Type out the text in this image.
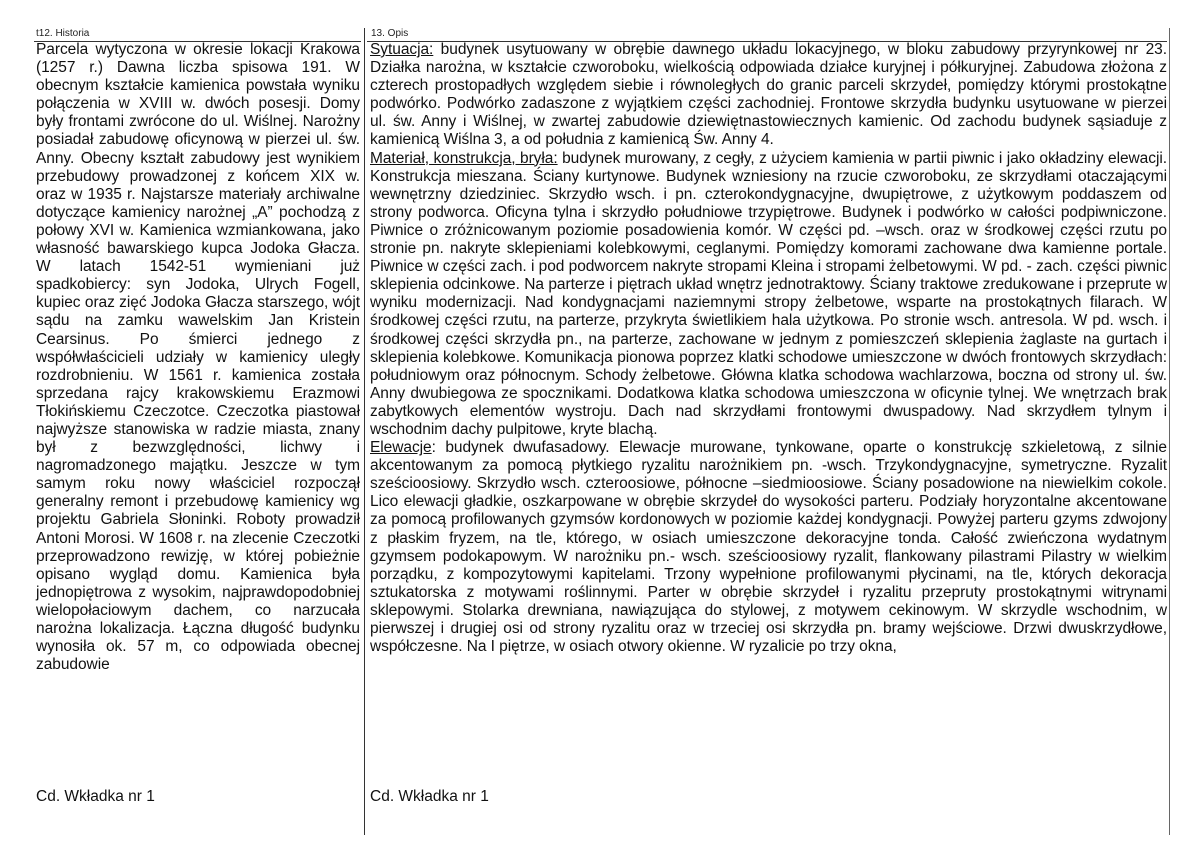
t12. Historia	13. Opis

Parcela wytyczona w okresie lokacji Krakowa (1257 r.) Dawna liczba spisowa 191. W obecnym kształcie kamienica powstała wyniku połączenia w XVIII w. dwóch posesji. Domy były frontami zwrócone do ul. Wiślnej. Narożny posiadał zabudowę oficynową w pierzei ul. św. Anny. Obecny kształt zabudowy jest wynikiem przebudowy prowadzonej z końcem XIX w. oraz w 1935 r. Najstarsze materiały archiwalne dotyczące kamienicy narożnej „A” pochodzą z połowy XVI w. Kamienica wzmiankowana, jako własność bawarskiego kupca Jodoka Głacza. W latach 1542-51 wymieniani już spadkobiercy: syn Jodoka, Ulrych Fogell, kupiec oraz zięć Jodoka Głacza starszego, wójt sądu na zamku wawelskim Jan Kristein Cearsinus. Po śmierci jednego z współwłaścicieli udziały w kamienicy uległy rozdrobnieniu. W 1561 r. kamienica została sprzedana rajcy krakowskiemu Erazmowi Tłokińskiemu Czeczotce. Czeczotka piastował najwyższe stanowiska w radzie miasta, znany był z bezwzględności, lichwy i nagromadzonego majątku. Jeszcze w tym samym roku nowy właściciel rozpoczął generalny remont i przebudowę kamienicy wg projektu Gabriela Słoninki. Roboty prowadził Antoni Morosi. W 1608 r. na zlecenie Czeczotki przeprowadzono rewizję, w której pobieżnie opisano wygląd domu. Kamienica była jednopiętrowa z wysokim, najprawdopodobniej wielopołaciowym dachem, co narzucała narożna lokalizacja. Łączna długość budynku wynosiła ok. 57 m, co odpowiada obecnej zabudowie

Sytuacja: budynek usytuowany w obrębie dawnego układu lokacyjnego, w bloku zabudowy przyrynkowej nr 23. Działka narożna, w kształcie czworoboku, wielkością odpowiada działce kuryjnej i półkuryjnej. Zabudowa złożona z czterech prostopadłych względem siebie i równoległych do granic parceli skrzydeł, pomiędzy którymi prostokątne podwórko. Podwórko zadaszone z wyjątkiem części zachodniej. Frontowe skrzydła budynku usytuowane w pierzei ul. św. Anny i Wiślnej, w zwartej zabudowie dziewiętnastowiecznych kamienic. Od zachodu budynek sąsiaduje z kamienicą Wiślna 3, a od południa z kamienicą Św. Anny 4.

Materiał, konstrukcja, bryła: budynek murowany, z cegły, z użyciem kamienia w partii piwnic i jako okładziny elewacji. Konstrukcja mieszana. Ściany kurtynowe. Budynek wzniesiony na rzucie czworoboku, ze skrzydłami otaczającymi wewnętrzny dziedziniec. Skrzydło wsch. i pn. czterokondygnacyjne, dwupiętrowe, z użytkowym poddaszem od strony podworca. Oficyna tylna i skrzydło południowe trzypiętrowe. Budynek i podwórko w całości podpiwniczone. Piwnice o zróżnicowanym poziomie posadowienia komór. W części pd. –wsch. oraz w środkowej części rzutu po stronie pn. nakryte sklepieniami kolebkowymi, ceglanymi. Pomiędzy komorami zachowane dwa kamienne portale. Piwnice w części zach. i pod podworcem nakryte stropami Kleina i stropami żelbetowymi. W pd. - zach. części piwnic sklepienia odcinkowe. Na parterze i piętrach układ wnętrz jednotraktowy. Ściany traktowe zredukowane i przeprute w wyniku modernizacji. Nad kondygnacjami naziemnymi stropy żelbetowe, wsparte na prostokątnych filarach. W środkowej części rzutu, na parterze, przykryta świetlikiem hala użytkowa. Po stronie wsch. antresola. W pd. wsch. i środkowej części skrzydła pn., na parterze, zachowane w jednym z pomieszczeń sklepienia żaglaste na gurtach i sklepienia kolebkowe. Komunikacja pionowa poprzez klatki schodowe umieszczone w dwóch frontowych skrzydłach: południowym oraz północnym. Schody żelbetowe. Główna klatka schodowa wachlarzowa, boczna od strony ul. św. Anny dwubiegowa ze spocznikami. Dodatkowa klatka schodowa umieszczona w oficynie tylnej. We wnętrzach brak zabytkowych elementów wystroju. Dach nad skrzydłami frontowymi dwuspadowy. Nad skrzydłem tylnym i wschodnim dachy pulpitowe, kryte blachą.

Elewacje: budynek dwufasadowy. Elewacje murowane, tynkowane, oparte o konstrukcję szkieletową, z silnie akcentowanym za pomocą płytkiego ryzalitu narożnikiem pn. -wsch. Trzykondygnacyjne, symetryczne. Ryzalit sześcioosiowy. Skrzydło wsch. czteroosiowe, północne –siedmioosiowe. Ściany posadowione na niewielkim cokole. Lico elewacji gładkie, oszkarpowane w obrębie skrzydeł do wysokości parteru. Podziały horyzontalne akcentowane za pomocą profilowanych gzymsów kordonowych w poziomie każdej kondygnacji. Powyżej parteru gzyms zdwojony z płaskim fryzem, na tle, którego, w osiach umieszczone dekoracyjne tonda. Całość zwieńczona wydatnym gzymsem podokapowym. W narożniku pn.- wsch. sześcioosiowy ryzalit, flankowany pilastrami Pilastry w wielkim porządku, z kompozytowymi kapitelami. Trzony wypełnione profilowanymi płycinami, na tle, których dekoracja sztukatorska z motywami roślinnymi. Parter w obrębie skrzydeł i ryzalitu przepruty prostokątnymi witrynami sklepowymi. Stolarka drewniana, nawiązująca do stylowej, z motywem cekinowym. W skrzydle wschodnim, w pierwszej i drugiej osi od strony ryzalitu oraz w trzeciej osi skrzydła pn. bramy wejściowe. Drzwi dwuskrzydłowe, współczesne. Na I piętrze, w osiach otwory okienne. W ryzalicie po trzy okna,

Cd. Wkładka nr 1	Cd. Wkładka nr 1
